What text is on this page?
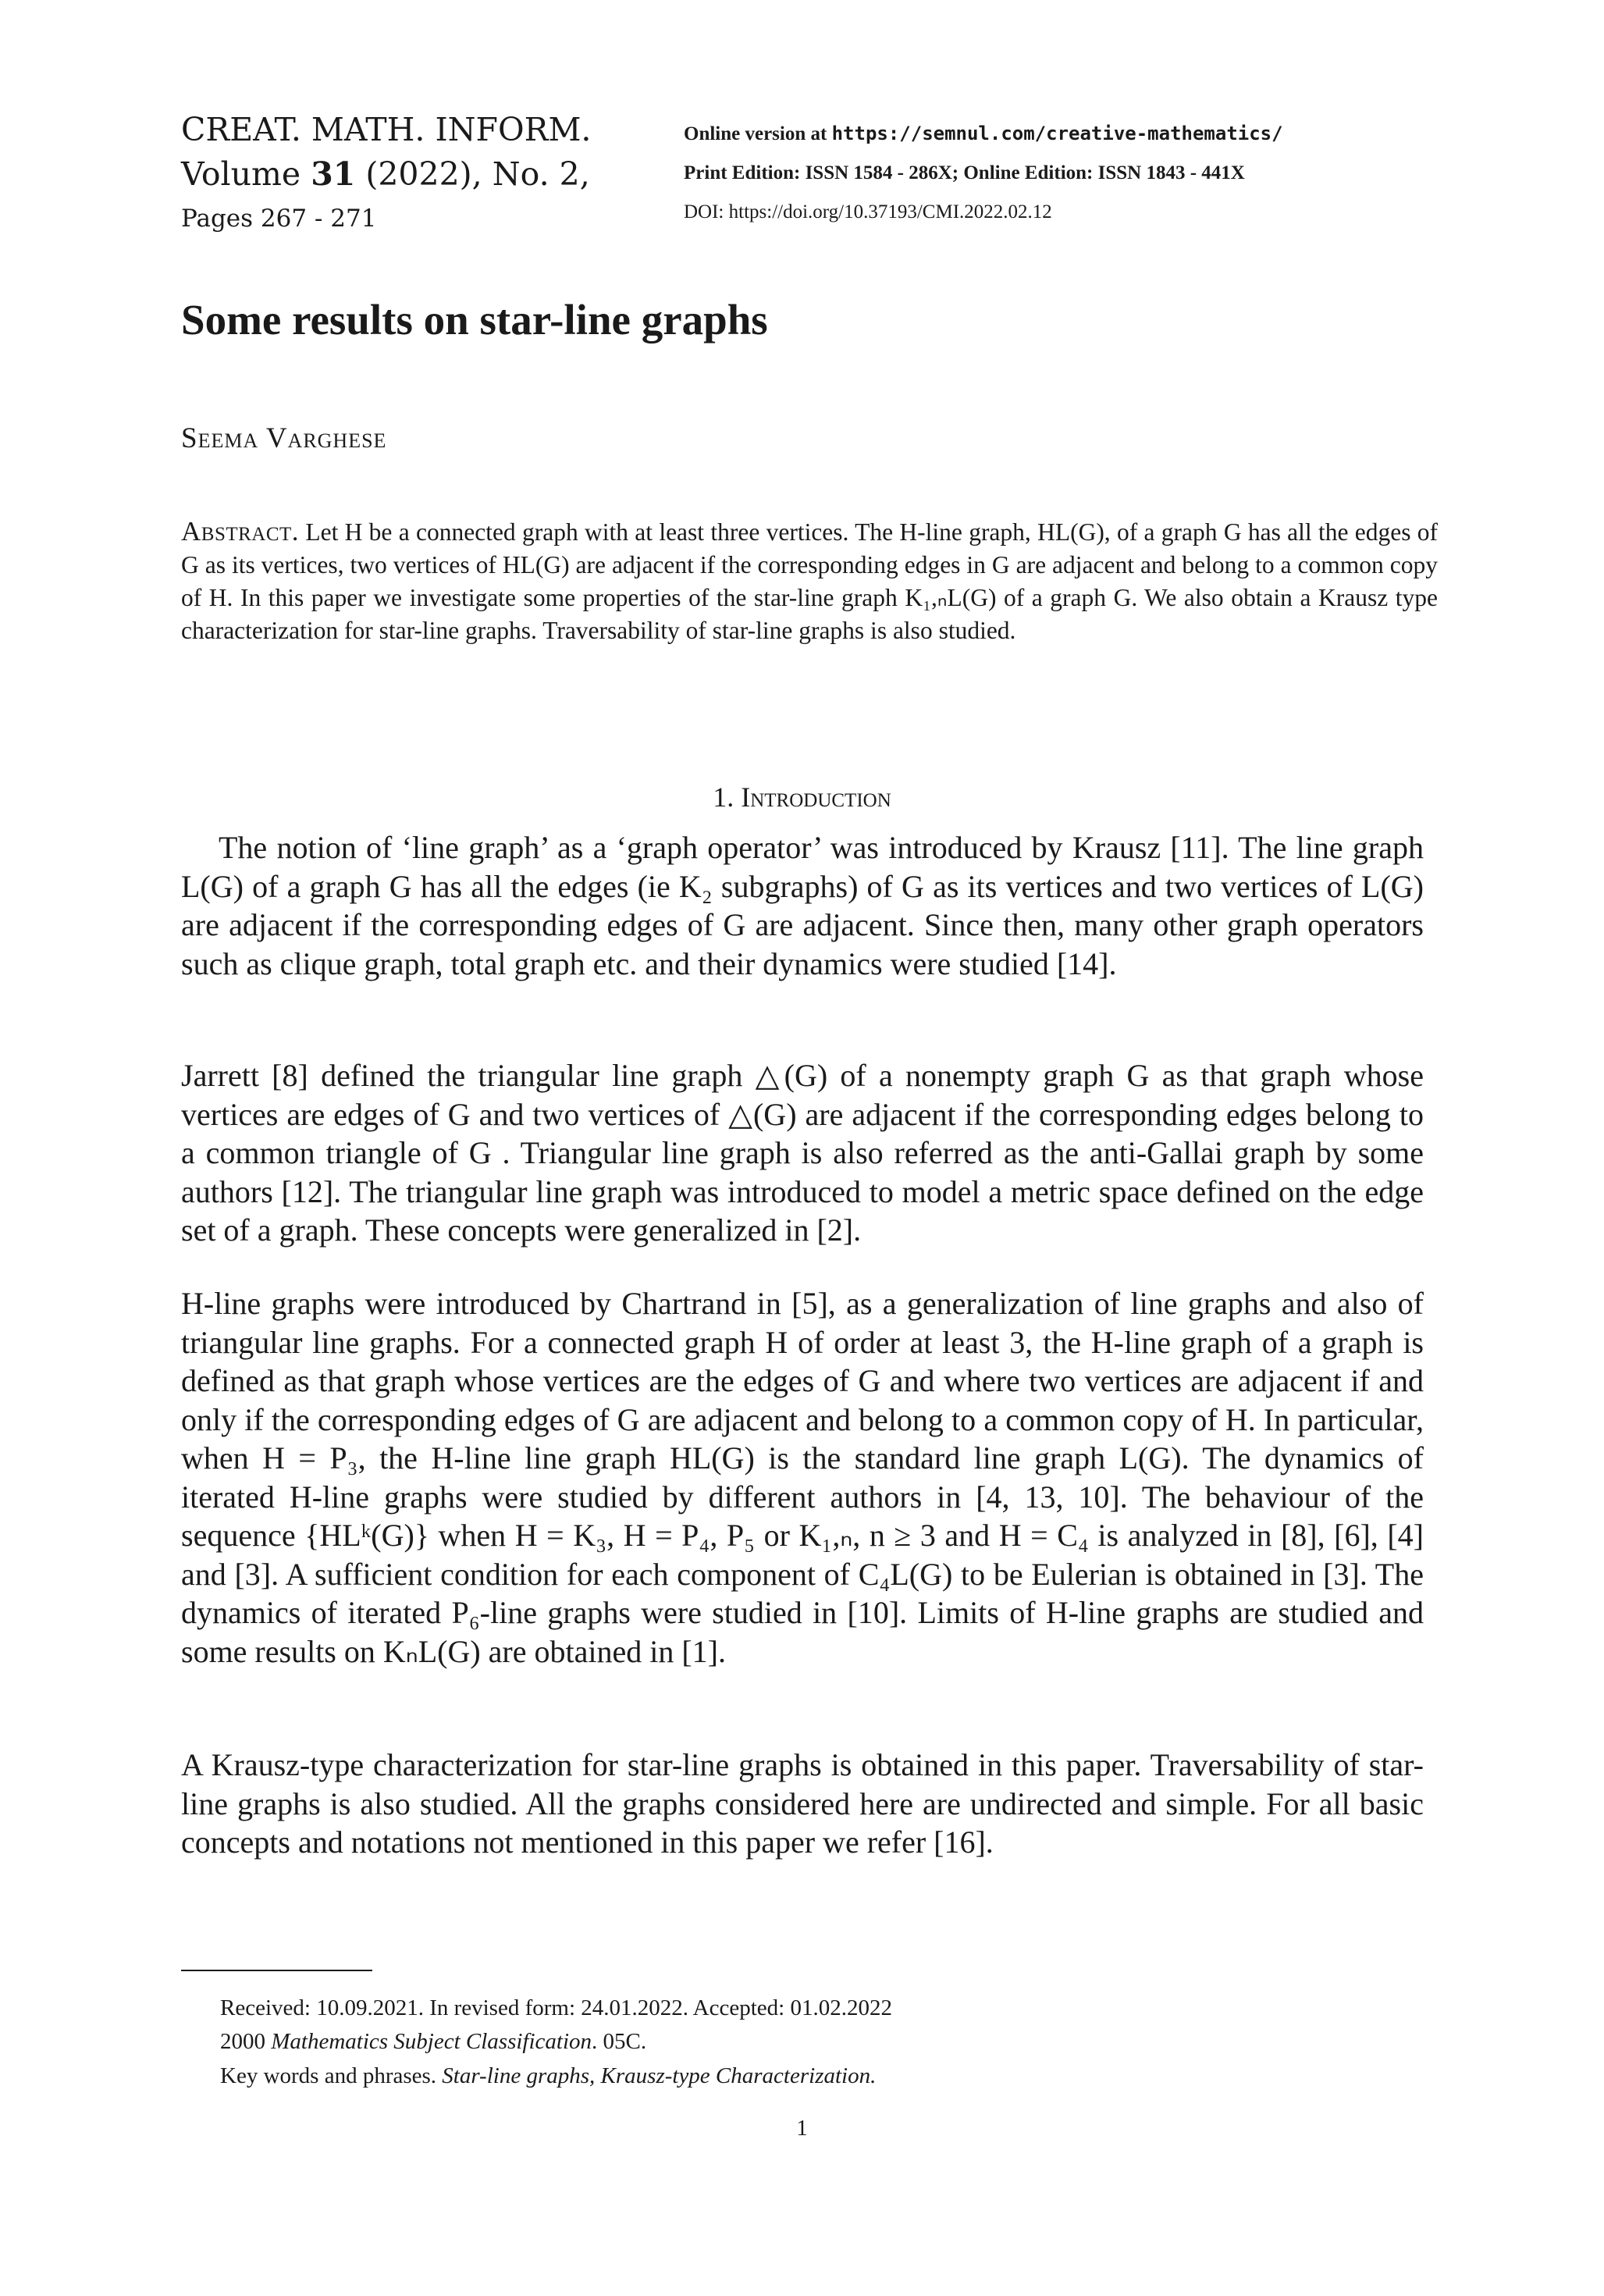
CREAT. MATH. INFORM.
Volume 31 (2022), No. 2,
Pages 267 - 271
Online version at https://semnul.com/creative-mathematics/
Print Edition: ISSN 1584 - 286X; Online Edition: ISSN 1843 - 441X
DOI: https://doi.org/10.37193/CMI.2022.02.12
Some results on star-line graphs
Seema Varghese
Abstract. Let H be a connected graph with at least three vertices. The H-line graph, HL(G), of a graph G has all the edges of G as its vertices, two vertices of HL(G) are adjacent if the corresponding edges in G are adjacent and belong to a common copy of H. In this paper we investigate some properties of the star-line graph K₁,ₙL(G) of a graph G. We also obtain a Krausz type characterization for star-line graphs. Traversability of star-line graphs is also studied.
1. Introduction
The notion of ‘line graph’ as a ‘graph operator’ was introduced by Krausz [11]. The line graph L(G) of a graph G has all the edges (ie K₂ subgraphs) of G as its vertices and two vertices of L(G) are adjacent if the corresponding edges of G are adjacent. Since then, many other graph operators such as clique graph, total graph etc. and their dynamics were studied [14].
Jarrett [8] defined the triangular line graph △(G) of a nonempty graph G as that graph whose vertices are edges of G and two vertices of △(G) are adjacent if the corresponding edges belong to a common triangle of G . Triangular line graph is also referred as the anti-Gallai graph by some authors [12]. The triangular line graph was introduced to model a metric space defined on the edge set of a graph. These concepts were generalized in [2].
H-line graphs were introduced by Chartrand in [5], as a generalization of line graphs and also of triangular line graphs. For a connected graph H of order at least 3, the H-line graph of a graph is defined as that graph whose vertices are the edges of G and where two vertices are adjacent if and only if the corresponding edges of G are adjacent and belong to a common copy of H. In particular, when H = P₃, the H-line line graph HL(G) is the standard line graph L(G). The dynamics of iterated H-line graphs were studied by different authors in [4, 13, 10]. The behaviour of the sequence {HLᵏ(G)} when H = K₃, H = P₄, P₅ or K₁,ₙ, n ≥ 3 and H = C₄ is analyzed in [8], [6], [4] and [3]. A sufficient condition for each component of C₄L(G) to be Eulerian is obtained in [3]. The dynamics of iterated P₆-line graphs were studied in [10]. Limits of H-line graphs are studied and some results on KₙL(G) are obtained in [1].
A Krausz-type characterization for star-line graphs is obtained in this paper. Traversability of star-line graphs is also studied. All the graphs considered here are undirected and simple. For all basic concepts and notations not mentioned in this paper we refer [16].
Received: 10.09.2021. In revised form: 24.01.2022. Accepted: 01.02.2022
2000 Mathematics Subject Classification. 05C.
Key words and phrases. Star-line graphs, Krausz-type Characterization.
1
